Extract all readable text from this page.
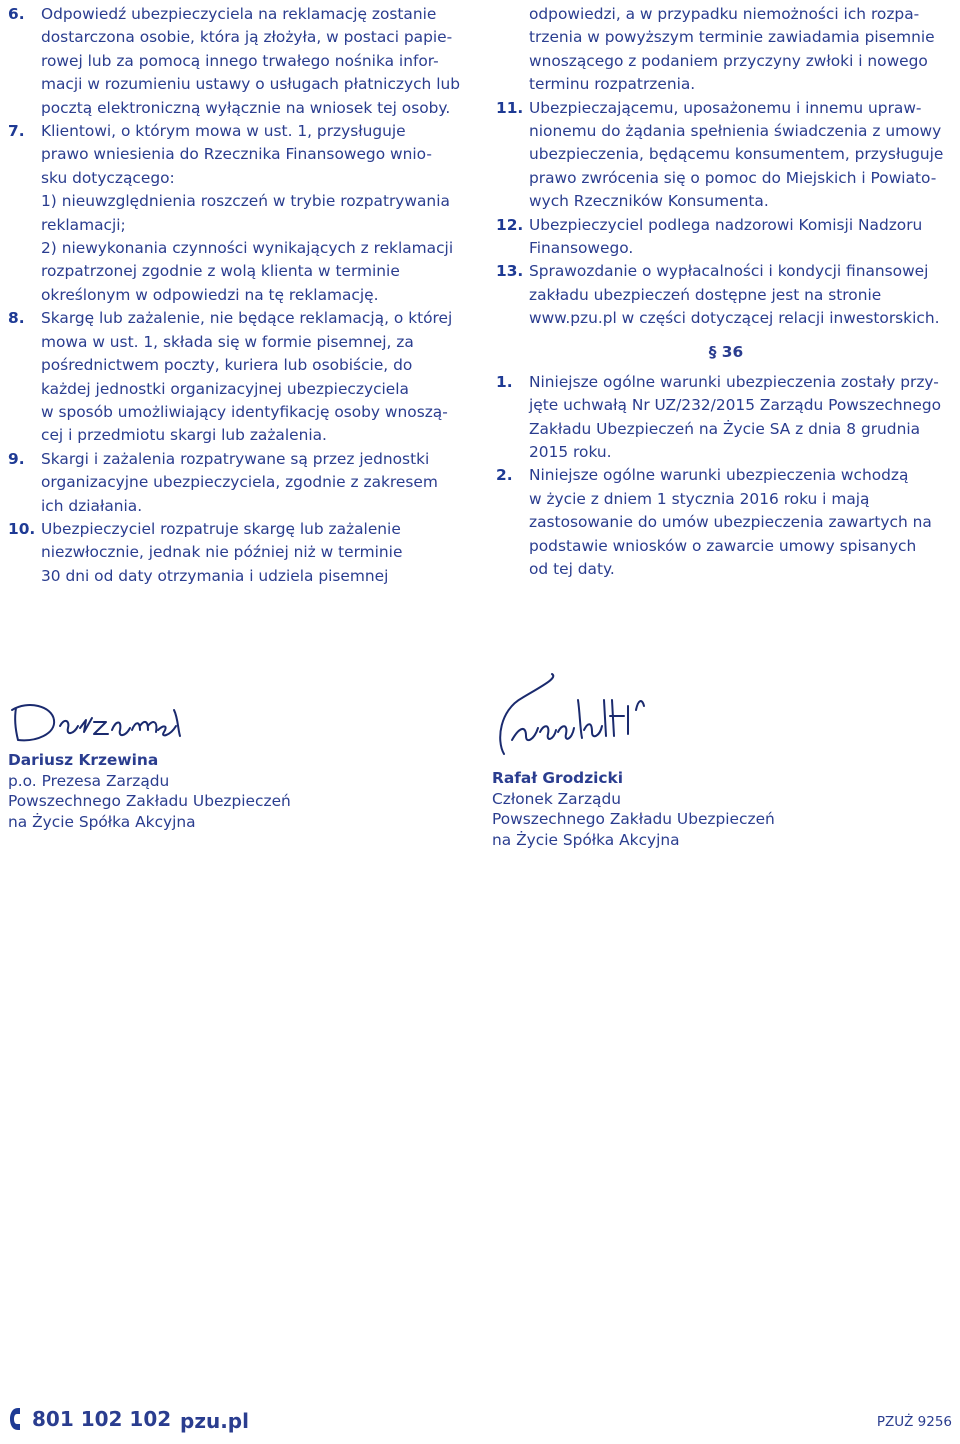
6.	Odpowiedź ubezpieczyciela na reklamację zostanie
dostarczona osobie, która ją złożyła, w postaci papie-
rowej lub za pomocą innego trwałego nośnika infor-
macji w rozumieniu ustawy o usługach płatniczych lub
pocztą elektroniczną wyłącznie na wniosek tej osoby.
7.	Klientowi, o którym mowa w ust. 1, przysługuje
prawo wniesienia do Rzecznika Finansowego wnio-
sku dotyczącego:
1) nieuwzględnienia roszczeń w trybie rozpatrywania
reklamacji;
2) niewykonania czynności wynikających z reklamacji
rozpatrzonej zgodnie z wolą klienta w terminie
określonym w odpowiedzi na tę reklamację.
8.	Skargę lub zażalenie, nie będące reklamacją, o której
mowa w ust. 1, składa się w formie pisemnej, za
pośrednictwem poczty, kuriera lub osobiście, do
każdej jednostki organizacyjnej ubezpieczyciela
w sposób umożliwiający identyfikację osoby wnoszą-
cej i przedmiotu skargi lub zażalenia.
9.	Skargi i zażalenia rozpatrywane są przez jednostki
organizacyjne ubezpieczyciela, zgodnie z zakresem
ich działania.
10. Ubezpieczyciel rozpatruje skargę lub zażalenie
niezwłocznie, jednak nie później niż w terminie
30 dni od daty otrzymania i udziela pisemnej
odpowiedzi, a w przypadku niemożności ich rozpa-
trzenia w powyższym terminie zawiadamia pisemnie
wnoszącego z podaniem przyczyny zwłoki i nowego
terminu rozpatrzenia.
11. Ubezpieczającemu, uposażonemu i innemu upraw-
nionemu do żądania spełnienia świadczenia z umowy
ubezpieczenia, będącemu konsumentem, przysługuje
prawo zwrócenia się o pomoc do Miejskich i Powiato-
wych Rzeczników Konsumenta.
12. Ubezpieczyciel podlega nadzorowi Komisji Nadzoru
Finansowego.
13. Sprawozdanie o wypłacalności i kondycji finansowej
zakładu ubezpieczeń dostępne jest na stronie
www.pzu.pl w części dotyczącej relacji inwestorskich.
§ 36
1.	Niniejsze ogólne warunki ubezpieczenia zostały przy-
jęte uchwałą Nr UZ/232/2015 Zarządu Powszechnego
Zakładu Ubezpieczeń na Życie SA z dnia 8 grudnia
2015 roku.
2.	Niniejsze ogólne warunki ubezpieczenia wchodzą
w życie z dniem 1 stycznia 2016 roku i mają
zastosowanie do umów ubezpieczenia zawartych na
podstawie wniosków o zawarcie umowy spisanych
od tej daty.
Dariusz Krzewina
p.o. Prezesa Zarządu
Powszechnego Zakładu Ubezpieczeń
na Życie Spółka Akcyjna
Rafał Grodzicki
Członek Zarządu
Powszechnego Zakładu Ubezpieczeń
na Życie Spółka Akcyjna
801 102 102 pzu.pl	PZUŻ 9256
